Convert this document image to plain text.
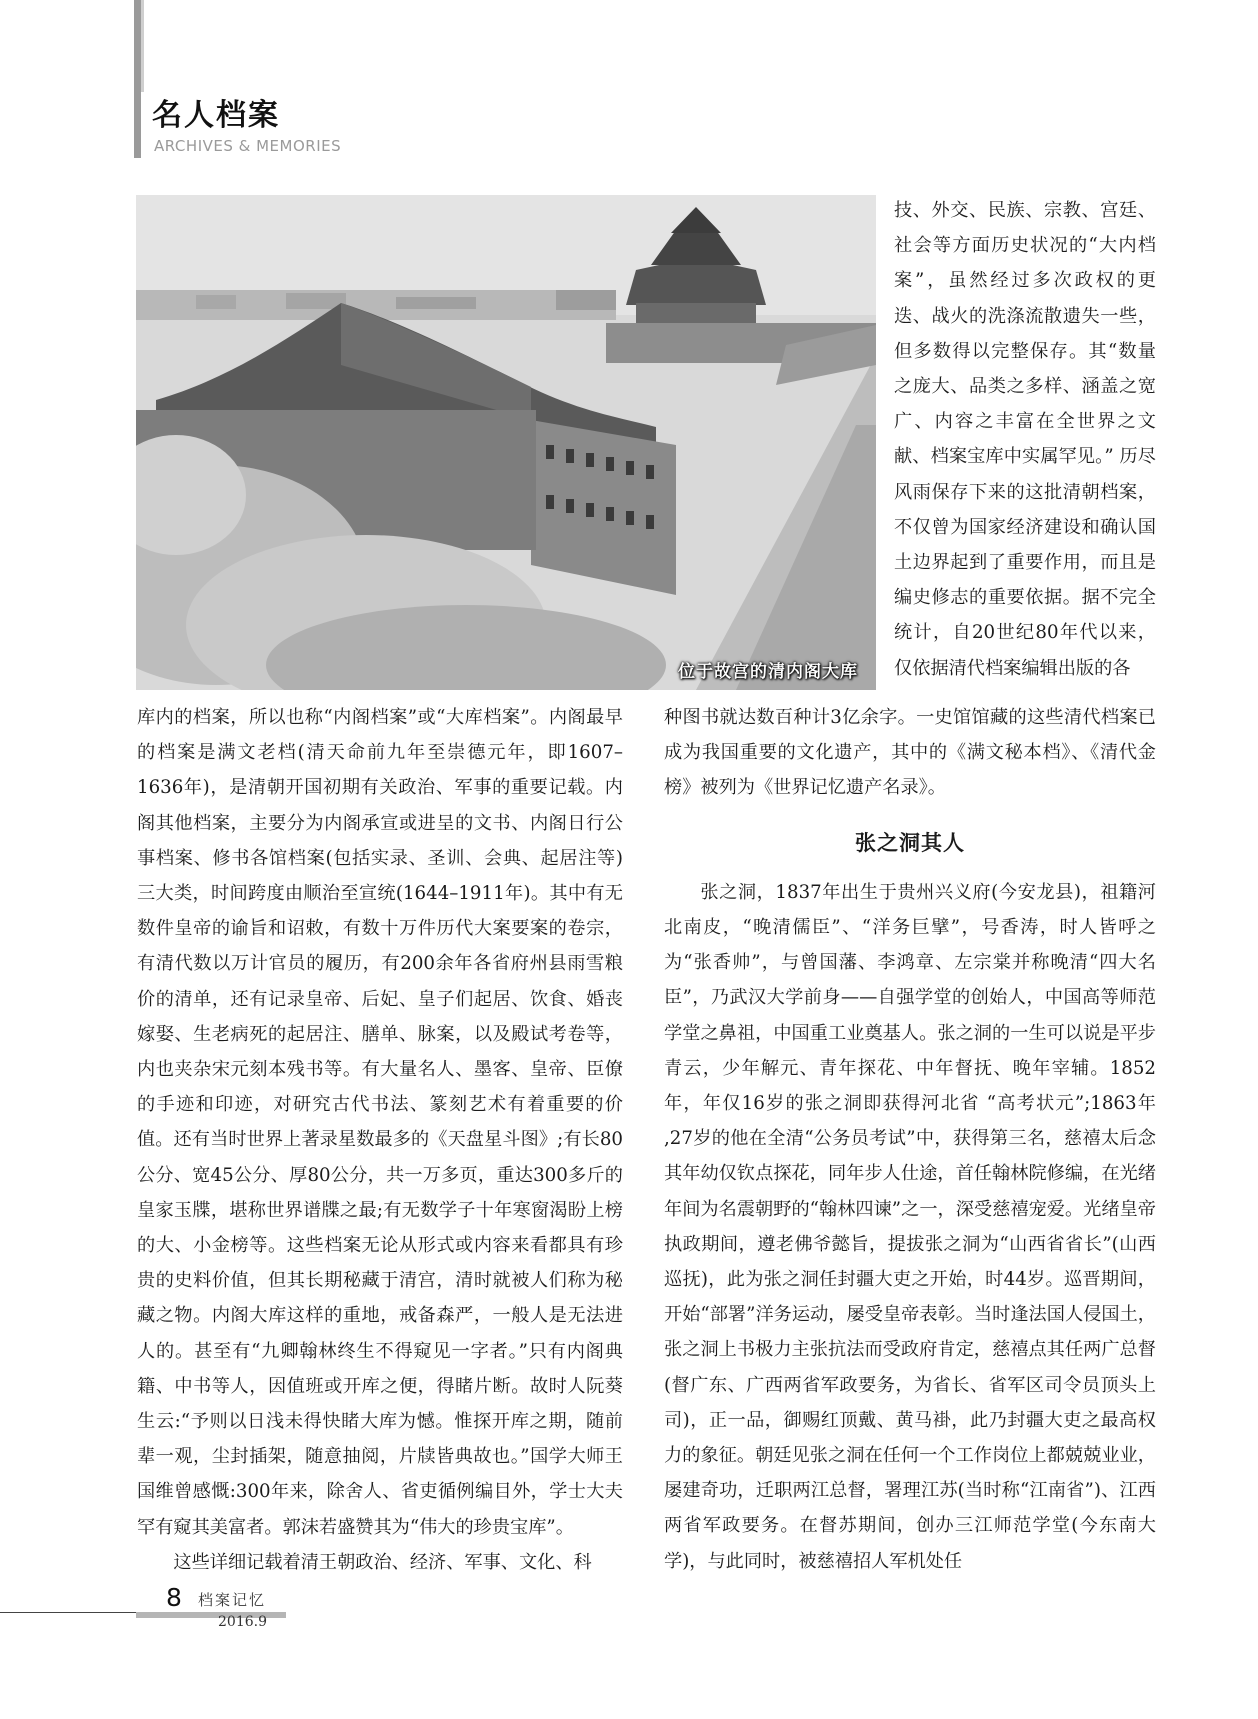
名人档案
ARCHIVES & MEMORIES
位于故宫的清内阁大库

技、外交、民族、宗教、宫廷、社会等方面历史状况的“大内档案”，虽然经过多次政权的更迭、战火的洗涤流散遗失一些，但多数得以完整保存。其“数量之庞大、品类之多样、涵盖之宽广、内容之丰富在全世界之文献、档案宝库中实属罕见。” 历尽风雨保存下来的这批清朝档案，不仅曾为国家经济建设和确认国土边界起到了重要作用，而且是编史修志的重要依据。据不完全统计，自20世纪80年代以来，仅依据清代档案编辑出版的各

库内的档案，所以也称“内阁档案”或“大库档案”。内阁最早的档案是满文老档(清天命前九年至崇德元年，即1607–1636年)，是清朝开国初期有关政治、军事的重要记载。内阁其他档案，主要分为内阁承宣或进呈的文书、内阁日行公事档案、修书各馆档案(包括实录、圣训、会典、起居注等)三大类，时间跨度由顺治至宣统(1644–1911年)。其中有无数件皇帝的谕旨和诏敕，有数十万件历代大案要案的卷宗，有清代数以万计官员的履历，有200余年各省府州县雨雪粮价的清单，还有记录皇帝、后妃、皇子们起居、饮食、婚丧嫁娶、生老病死的起居注、膳单、脉案，以及殿试考卷等，内也夹杂宋元刻本残书等。有大量名人、墨客、皇帝、臣僚的手迹和印迹，对研究古代书法、篆刻艺术有着重要的价值。还有当时世界上著录星数最多的《天盘星斗图》;有长80公分、宽45公分、厚80公分，共一万多页，重达300多斤的皇家玉牒，堪称世界谱牒之最;有无数学子十年寒窗渴盼上榜的大、小金榜等。这些档案无论从形式或内容来看都具有珍贵的史料价值，但其长期秘藏于清宫，清时就被人们称为秘藏之物。内阁大库这样的重地，戒备森严，一般人是无法进人的。甚至有“九卿翰林终生不得窥见一字者。”只有内阁典籍、中书等人，因值班或开库之便，得睹片断。故时人阮葵生云:“予则以日浅未得快睹大库为憾。惟探开库之期，随前辈一观，尘封插架，随意抽阅，片牍皆典故也。”国学大师王国维曾感慨:300年来，除舍人、省吏循例编目外，学士大夫罕有窥其美富者。郭沫若盛赞其为“伟大的珍贵宝库”。

这些详细记载着清王朝政治、经济、军事、文化、科

种图书就达数百种计3亿余字。一史馆馆藏的这些清代档案已成为我国重要的文化遗产，其中的《满文秘本档》、《清代金榜》被列为《世界记忆遗产名录》。

张之洞其人

张之洞，1837年出生于贵州兴义府(今安龙县)，祖籍河北南皮，“晚清儒臣”、“洋务巨擘”，号香涛，时人皆呼之为“张香帅”，与曾国藩、李鸿章、左宗棠并称晚清“四大名臣”，乃武汉大学前身——自强学堂的创始人，中国高等师范学堂之鼻祖，中国重工业奠基人。张之洞的一生可以说是平步青云，少年解元、青年探花、中年督抚、晚年宰辅。1852年，年仅16岁的张之洞即获得河北省 “高考状元”;1863年 ,27岁的他在全清“公务员考试”中，获得第三名，慈禧太后念其年幼仅钦点探花，同年步人仕途，首任翰林院修编，在光绪年间为名震朝野的“翰林四谏”之一，深受慈禧宠爱。光绪皇帝执政期间，遵老佛爷懿旨，提拔张之洞为“山西省省长”(山西巡抚)，此为张之洞任封疆大吏之开始，时44岁。巡晋期间，开始“部署”洋务运动，屡受皇帝表彰。当时逢法国人侵国土，张之洞上书极力主张抗法而受政府肯定，慈禧点其任两广总督(督广东、广西两省军政要务，为省长、省军区司令员顶头上司)，正一品，御赐红顶戴、黄马褂，此乃封疆大吏之最高权力的象征。朝廷见张之洞在任何一个工作岗位上都兢兢业业，屡建奇功，迁职两江总督，署理江苏(当时称“江南省”)、江西两省军政要务。在督苏期间，创办三江师范学堂(今东南大学)，与此同时，被慈禧招人军机处任

8 档案记忆
2016.9
